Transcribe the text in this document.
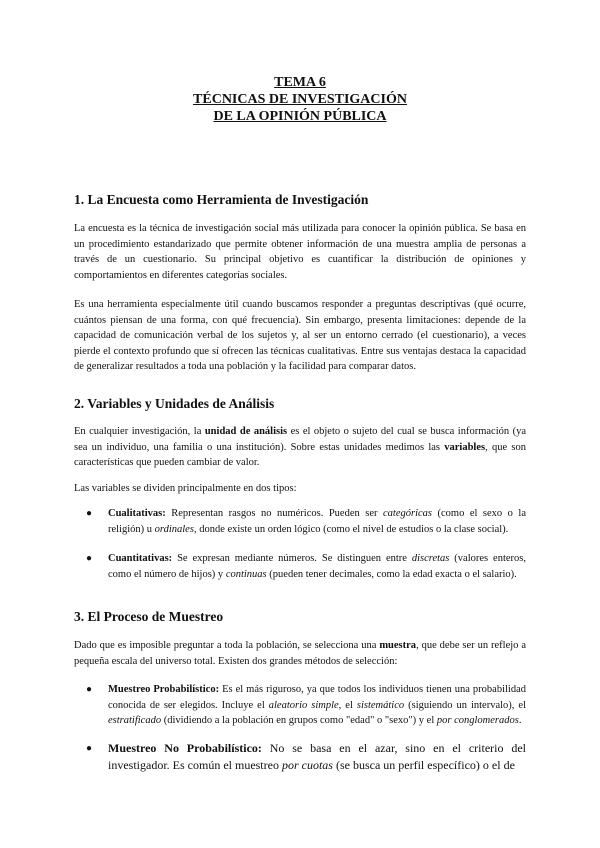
TEMA 6
TÉCNICAS DE INVESTIGACIÓN
DE LA OPINIÓN PÚBLICA
1. La Encuesta como Herramienta de Investigación

La encuesta es la técnica de investigación social más utilizada para conocer la opinión pública. Se basa en un procedimiento estandarizado que permite obtener información de una muestra amplia de personas a través de un cuestionario. Su principal objetivo es cuantificar la distribución de opiniones y comportamientos en diferentes categorías sociales.

Es una herramienta especialmente útil cuando buscamos responder a preguntas descriptivas (qué ocurre, cuántos piensan de una forma, con qué frecuencia). Sin embargo, presenta limitaciones: depende de la capacidad de comunicación verbal de los sujetos y, al ser un entorno cerrado (el cuestionario), a veces pierde el contexto profundo que sí ofrecen las técnicas cualitativas. Entre sus ventajas destaca la capacidad de generalizar resultados a toda una población y la facilidad para comparar datos.

2. Variables y Unidades de Análisis

En cualquier investigación, la unidad de análisis es el objeto o sujeto del cual se busca información (ya sea un individuo, una familia o una institución). Sobre estas unidades medimos las variables, que son características que pueden cambiar de valor.

Las variables se dividen principalmente en dos tipos:

● Cualitativas: Representan rasgos no numéricos. Pueden ser categóricas (como el sexo o la religión) u ordinales, donde existe un orden lógico (como el nivel de estudios o la clase social).

● Cuantitativas: Se expresan mediante números. Se distinguen entre discretas (valores enteros, como el número de hijos) y continuas (pueden tener decimales, como la edad exacta o el salario).

3. El Proceso de Muestreo

Dado que es imposible preguntar a toda la población, se selecciona una muestra, que debe ser un reflejo a pequeña escala del universo total. Existen dos grandes métodos de selección:

● Muestreo Probabilístico: Es el más riguroso, ya que todos los individuos tienen una probabilidad conocida de ser elegidos. Incluye el aleatorio simple, el sistemático (siguiendo un intervalo), el estratificado (dividiendo a la población en grupos como "edad" o "sexo") y el por conglomerados.

● Muestreo No Probabilístico: No se basa en el azar, sino en el criterio del investigador. Es común el muestreo por cuotas (se busca un perfil específico) o el de
